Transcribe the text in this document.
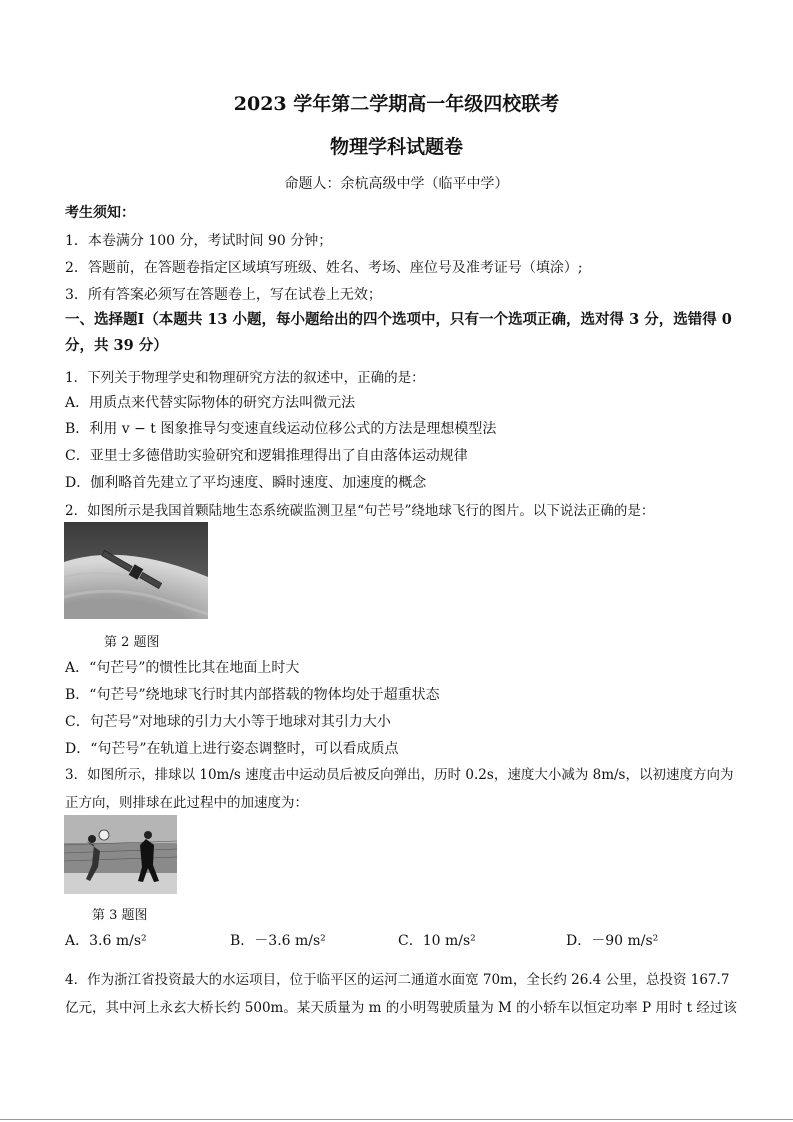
2023 学年第二学期高一年级四校联考
物理学科试题卷
命题人：余杭高级中学（临平中学）
考生须知：
1．本卷满分 100 分，考试时间 90 分钟；
2．答题前，在答题卷指定区域填写班级、姓名、考场、座位号及准考证号（填涂）;
3．所有答案必须写在答题卷上，写在试卷上无效；
一、选择题Ⅰ（本题共 13 小题，每小题给出的四个选项中，只有一个选项正确，选对得 3 分，选错得 0 分，共 39 分）
1．下列关于物理学史和物理研究方法的叙述中，正确的是：
A．用质点来代替实际物体的研究方法叫微元法
B．利用 v − t 图象推导匀变速直线运动位移公式的方法是理想模型法
C．亚里士多德借助实验研究和逻辑推理得出了自由落体运动规律
D．伽利略首先建立了平均速度、瞬时速度、加速度的概念
2．如图所示是我国首颗陆地生态系统碳监测卫星“句芒号”绕地球飞行的图片。以下说法正确的是：
第 2 题图
A．“句芒号”的惯性比其在地面上时大
B．“句芒号”绕地球飞行时其内部搭载的物体均处于超重状态
C．句芒号”对地球的引力大小等于地球对其引力大小
D．“句芒号”在轨道上进行姿态调整时，可以看成质点
3．如图所示，排球以 10m/s 速度击中运动员后被反向弹出，历时 0.2s，速度大小减为 8m/s，以初速度方向为正方向，则排球在此过程中的加速度为：
第 3 题图
A．3.6 m/s²	B．－3.6 m/s²	C．10 m/s²	D．－90 m/s²
4．作为浙江省投资最大的水运项目，位于临平区的运河二通道水面宽 70m，全长约 26.4 公里，总投资 167.7 亿元，其中河上永玄大桥长约 500m。某天质量为 m 的小明驾驶质量为 M 的小轿车以恒定功率 P 用时 t 经过该
